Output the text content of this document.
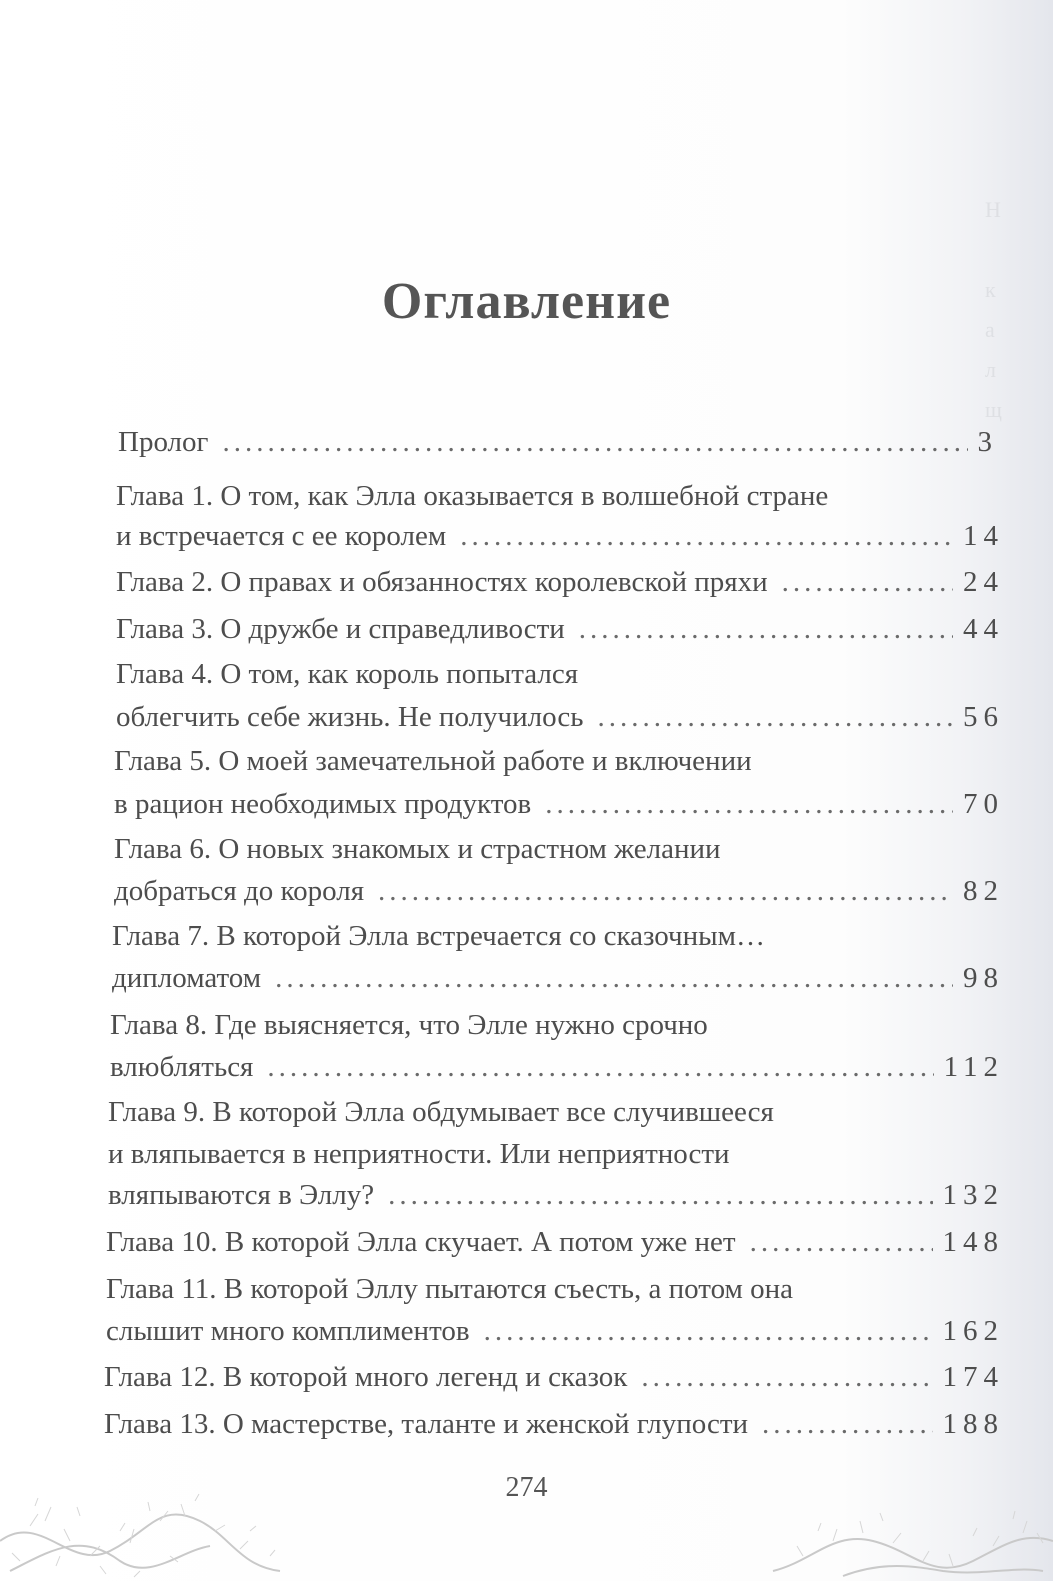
Н

к
а
л
щ
Оглавление
Пролог .....	3
Глава 1. О том, как Элла оказывается в волшебной стране
и встречается с ее королем .....	14
Глава 2. О правах и обязанностях королевской пряхи .....	24
Глава 3. О дружбе и справедливости .....	44
Глава 4. О том, как король попытался
облегчить себе жизнь. Не получилось .....	56
Глава 5. О моей замечательной работе и включении
в рацион необходимых продуктов .....	70
Глава 6. О новых знакомых и страстном желании
добраться до короля .....	82
Глава 7. В которой Элла встречается со сказочным…
дипломатом .....	98
Глава 8. Где выясняется, что Элле нужно срочно
влюбляться .....	112
Глава 9. В которой Элла обдумывает все случившееся
и вляпывается в неприятности. Или неприятности
вляпываются в Эллу? .....	132
Глава 10. В которой Элла скучает. А потом уже нет .....	148
Глава 11. В которой Эллу пытаются съесть, а потом она
слышит много комплиментов .....	162
Глава 12. В которой много легенд и сказок .....	174
Глава 13. О мастерстве, таланте и женской глупости .....	188
274
